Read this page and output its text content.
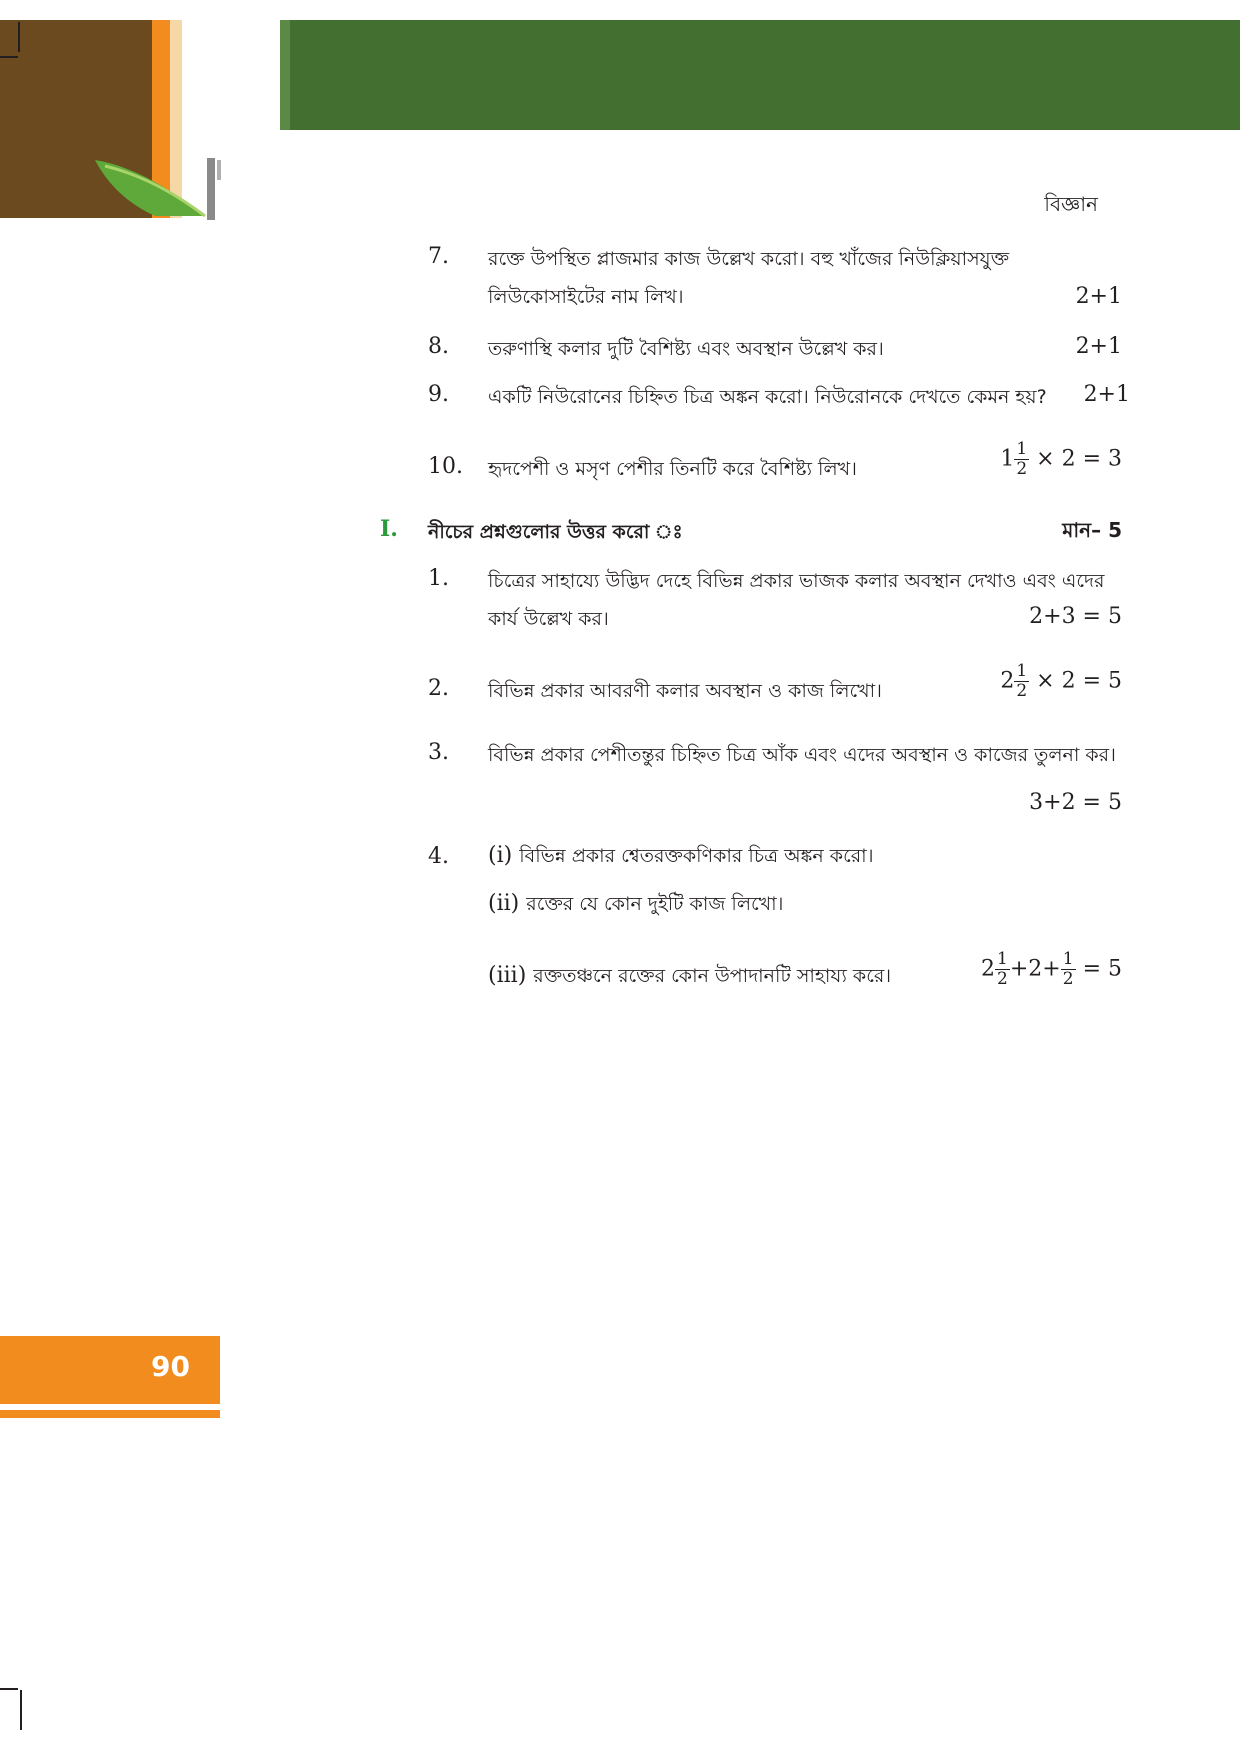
বিজ্ঞান
7.	রক্তে উপস্থিত প্লাজমার কাজ উল্লেখ করো। বহু খাঁজের নিউক্লিয়াসযুক্ত লিউকোসাইটের নাম লিখ।	2+1
8.	তরুণাস্থি কলার দুটি বৈশিষ্ট্য এবং অবস্থান উল্লেখ কর।	2+1
9.	একটি নিউরোনের চিহ্নিত চিত্র অঙ্কন করো। নিউরোনকে দেখতে কেমন হয়?	2+1
10.	হৃদপেশী ও মসৃণ পেশীর তিনটি করে বৈশিষ্ট্য লিখ।	$1 \frac{1}{2} \times 2 = 3$
I. নীচের প্রশ্নগুলোর উত্তর করো ঃ	মান– 5
1.	চিত্রের সাহায্যে উদ্ভিদ দেহে বিভিন্ন প্রকার ভাজক কলার অবস্থান দেখাও এবং এদের কার্য উল্লেখ কর।	2+3 = 5
2.	বিভিন্ন প্রকার আবরণী কলার অবস্থান ও কাজ লিখো।	$2 \frac{1}{2} \times 2 = 5$
3.	বিভিন্ন প্রকার পেশীতন্তুর চিহ্নিত চিত্র আঁক এবং এদের অবস্থান ও কাজের তুলনা কর।
3+2 = 5
4.	(i) বিভিন্ন প্রকার শ্বেতরক্তকণিকার চিত্র অঙ্কন করো।
(ii) রক্তের যে কোন দুইটি কাজ লিখো।
(iii) রক্ততঞ্চনে রক্তের কোন উপাদানটি সাহায্য করে।	$2 \frac{1}{2} +2+ \frac{1}{2} = 5$
90
